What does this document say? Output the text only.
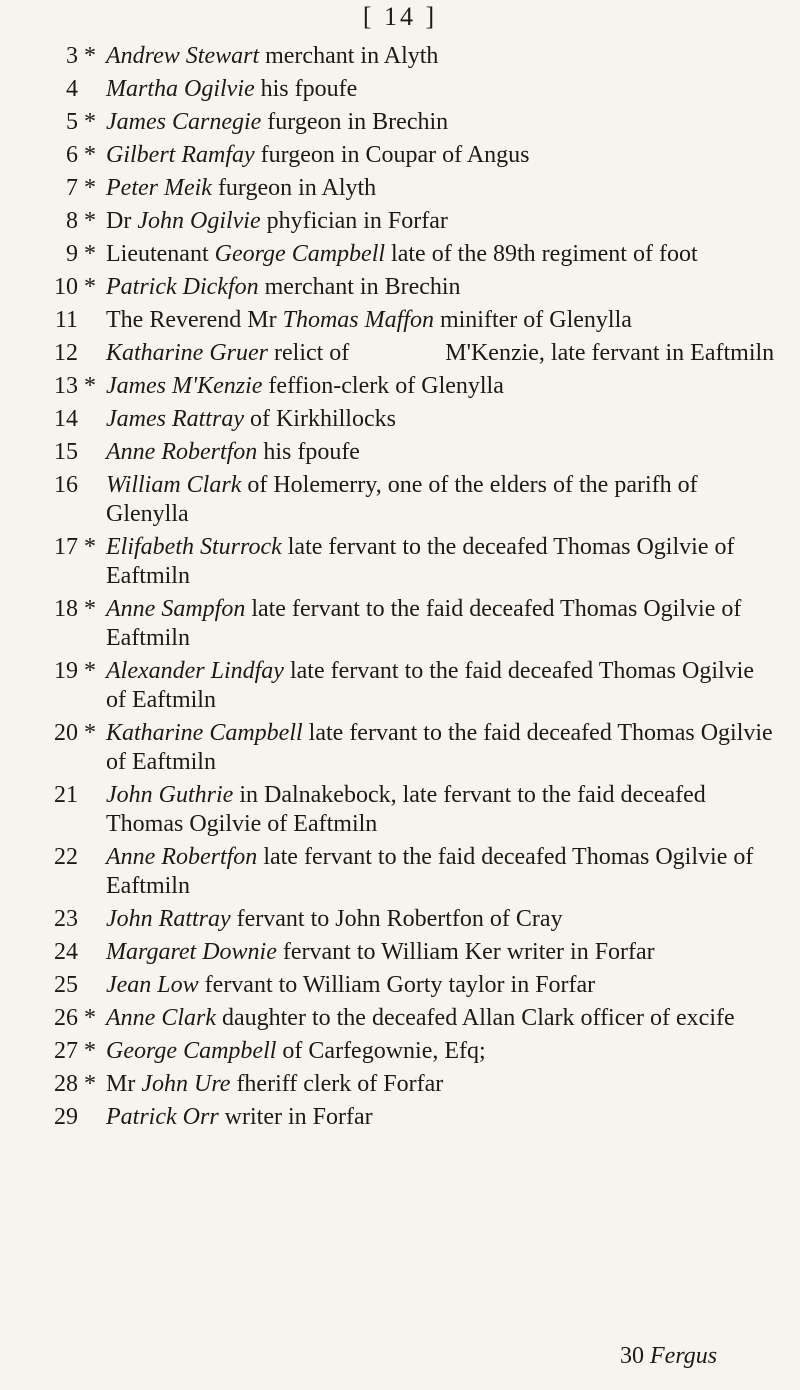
[ 14 ]
3 * Andrew Stewart merchant in Alyth
4 Martha Ogilvie his fpoufe
5 * James Carnegie furgeon in Brechin
6 * Gilbert Ramfay furgeon in Coupar of Angus
7 * Peter Meik furgeon in Alyth
8 * Dr John Ogilvie phyfician in Forfar
9 * Lieutenant George Campbell late of the 89th regiment of foot
10 * Patrick Dickfon merchant in Brechin
11 The Reverend Mr Thomas Maffon minifter of Glenylla
12 Katharine Gruer relict of                M'Kenzie, late fervant in Eaftmiln
13 * James M'Kenzie feffion-clerk of Glenylla
14 James Rattray of Kirkhillocks
15 Anne Robertfon his fpoufe
16 William Clark of Holemerry, one of the elders of the parifh of Glenylla
17 * Elifabeth Sturrock late fervant to the deceafed Thomas Ogilvie of Eaftmiln
18 * Anne Sampfon late fervant to the faid deceafed Thomas Ogilvie of Eaftmiln
19 * Alexander Lindfay late fervant to the faid deceafed Thomas Ogilvie of Eaftmiln
20 * Katharine Campbell late fervant to the faid deceafed Thomas Ogilvie of Eaftmiln
21 John Guthrie in Dalnakebock, late fervant to the faid deceafed Thomas Ogilvie of Eaftmiln
22 Anne Robertfon late fervant to the faid deceafed Thomas Ogilvie of Eaftmiln
23 John Rattray fervant to John Robertfon of Cray
24 Margaret Downie fervant to William Ker writer in Forfar
25 Jean Low fervant to William Gorty taylor in Forfar
26 * Anne Clark daughter to the deceafed Allan Clark officer of excife
27 * George Campbell of Carfegownie, Efq;
28 * Mr John Ure fheriff clerk of Forfar
29 Patrick Orr writer in Forfar
30 Fergus
